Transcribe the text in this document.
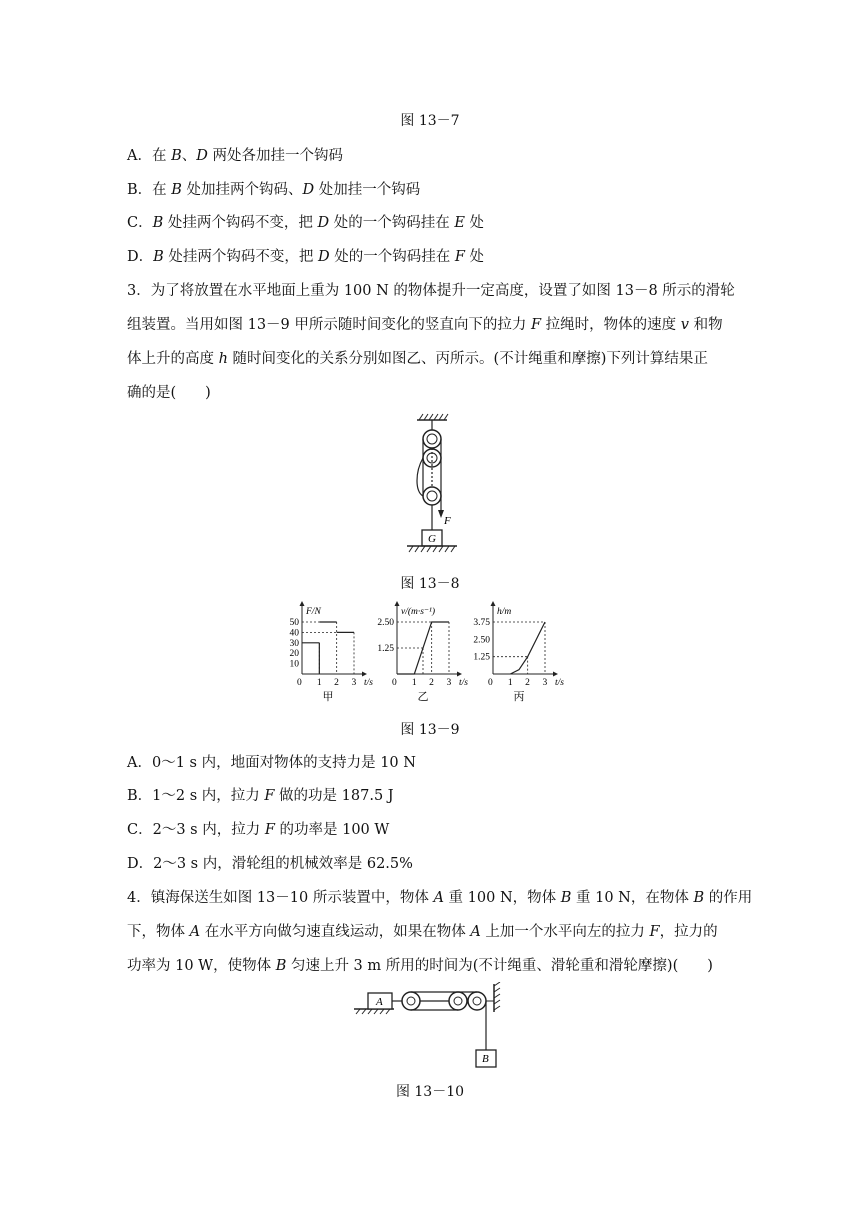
图 13－7
A．在 B、D 两处各加挂一个钩码
B．在 B 处加挂两个钩码、D 处加挂一个钩码
C．B 处挂两个钩码不变，把 D 处的一个钩码挂在 E 处
D．B 处挂两个钩码不变，把 D 处的一个钩码挂在 F 处
3．为了将放置在水平地面上重为 100 N 的物体提升一定高度，设置了如图 13－8 所示的滑轮
组装置。当用如图 13－9 甲所示随时间变化的竖直向下的拉力 F 拉绳时，物体的速度 v 和物
体上升的高度 h 随时间变化的关系分别如图乙、丙所示。(不计绳重和摩擦)下列计算结果正
确的是(　　)
F
G
图 13－8
F/N
t/s
0 1 2 3
10
20
30
40
50
甲
v/(m·s⁻¹)
t/s
0 1 2 3
1.25
2.50
乙
h/m
t/s
0 1 2 3
1.25
2.50
3.75
丙
图 13－9
A．0～1 s 内，地面对物体的支持力是 10 N
B．1～2 s 内，拉力 F 做的功是 187.5 J
C．2～3 s 内，拉力 F 的功率是 100 W
D．2～3 s 内，滑轮组的机械效率是 62.5%
4．镇海保送生如图 13－10 所示装置中，物体 A 重 100 N，物体 B 重 10 N，在物体 B 的作用
下，物体 A 在水平方向做匀速直线运动，如果在物体 A 上加一个水平向左的拉力 F，拉力的
功率为 10 W，使物体 B 匀速上升 3 m 所用的时间为(不计绳重、滑轮重和滑轮摩擦)(　　)
A
B
图 13－10
